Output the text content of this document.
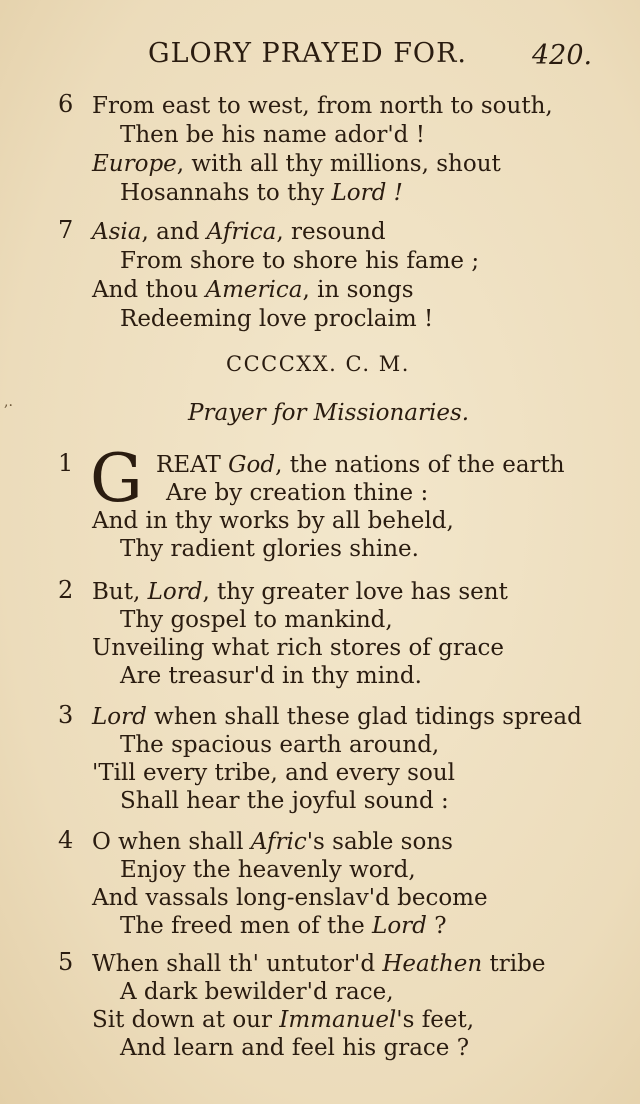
GLORY PRAYED FOR. 420.
6 From east to west, from north to south,
Then be his name ador'd !
Europe, with all thy millions, shout
Hosannahs to thy Lord !
7 Asia, and Africa, resound
From shore to shore his fame ;
And thou America, in songs
Redeeming love proclaim !
CCCCXX. C. M.
Prayer for Missionaries.
G
1	REAT God, the nations of the earth
Are by creation thine :
And in thy works by all beheld,
Thy radient glories shine.
2 But, Lord, thy greater love has sent
Thy gospel to mankind,
Unveiling what rich stores of grace
Are treasur'd in thy mind.
3 Lord when shall these glad tidings spread
The spacious earth around,
'Till every tribe, and every soul
Shall hear the joyful sound :
4 O when shall Afric's sable sons
Enjoy the heavenly word,
And vassals long-enslav'd become
The freed men of the Lord ?
5 When shall th' untutor'd Heathen tribe
A dark bewilder'd race,
Sit down at our Immanuel's feet,
And learn and feel his grace ?
,.
